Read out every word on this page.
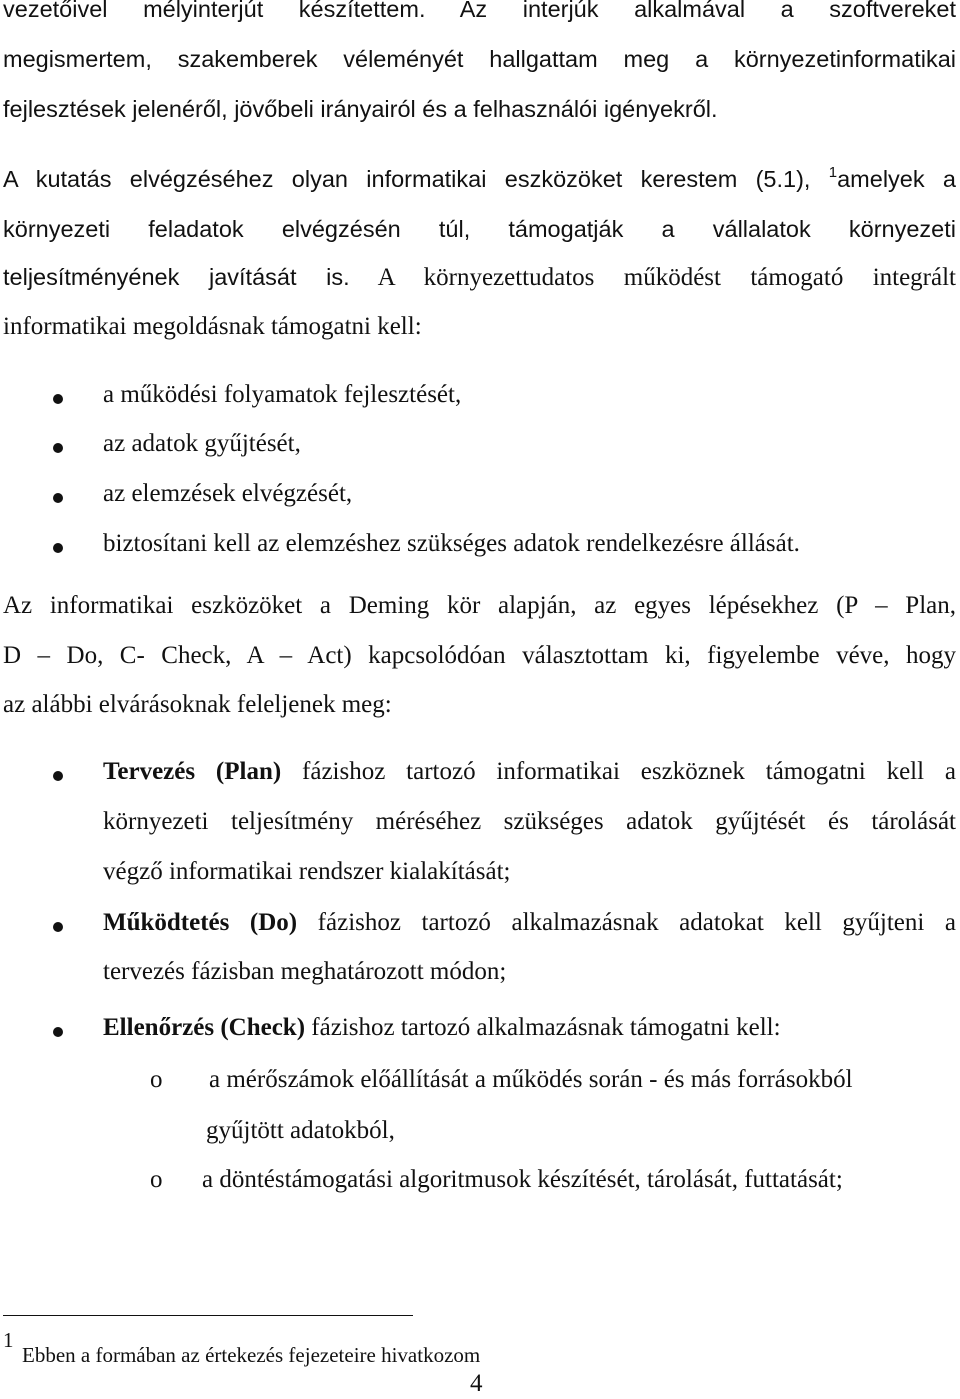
vezetőivel mélyinterjút készítettem. Az interjúk alkalmával a szoftvereket
megismertem, szakemberek véleményét hallgattam meg a környezetinformatikai
fejlesztések jelenéről, jövőbeli irányairól és a felhasználói igényekről.
A kutatás elvégzéséhez olyan informatikai eszközöket kerestem (5.1), $^1$amelyek a
környezeti feladatok elvégzésén túl, támogatják a vállalatok környezeti
teljesítményének javítását is. A környezettudatos működést támogató integrált
informatikai megoldásnak támogatni kell:
a működési folyamatok fejlesztését,
az adatok gyűjtését,
az elemzések elvégzését,
biztosítani kell az elemzéshez szükséges adatok rendelkezésre állását.
Az informatikai eszközöket a Deming kör alapján, az egyes lépésekhez (P – Plan,
D – Do, C- Check, A – Act) kapcsolódóan választottam ki, figyelembe véve, hogy
az alábbi elvárásoknak feleljenek meg:
Tervezés (Plan) fázishoz tartozó informatikai eszköznek támogatni kell a
környezeti teljesítmény méréséhez szükséges adatok gyűjtését és tárolását
végző informatikai rendszer kialakítását;
Működtetés (Do) fázishoz tartozó alkalmazásnak adatokat kell gyűjteni a
tervezés fázisban meghatározott módon;
Ellenőrzés (Check) fázishoz tartozó alkalmazásnak támogatni kell:
o a mérőszámok előállítását a működés során - és más forrásokból
gyűjtött adatokból,
o a döntéstámogatási algoritmusok készítését, tárolását, futtatását;
1
Ebben a formában az értekezés fejezeteire hivatkozom
4
